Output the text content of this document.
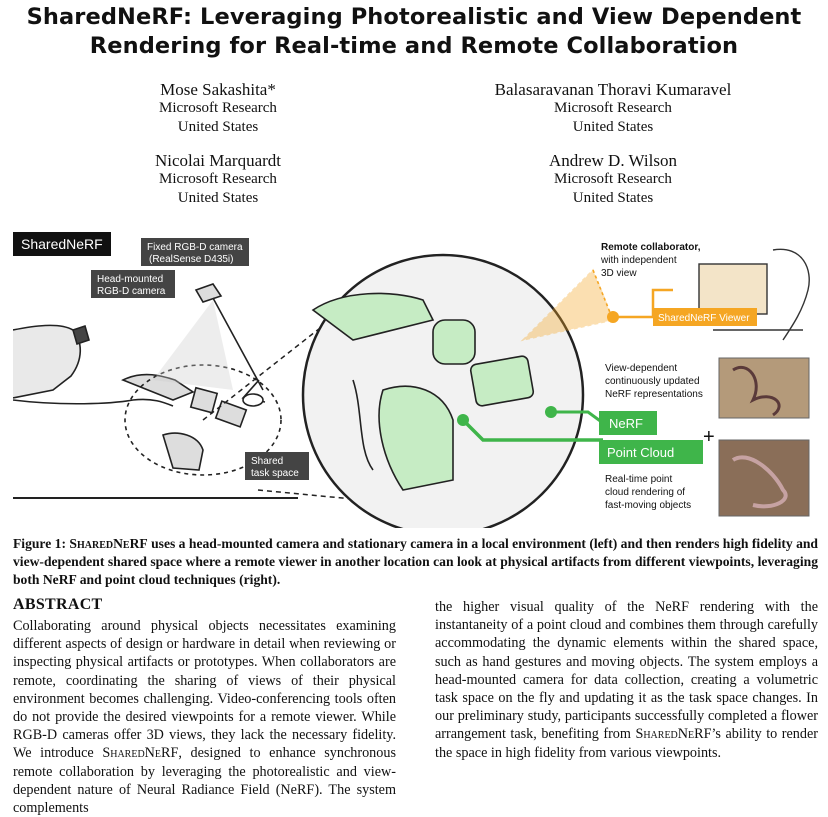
SharedNeRF: Leveraging Photorealistic and View Dependent
Rendering for Real-time and Remote Collaboration
Mose Sakashita*
Microsoft Research
United States
Balasaravanan Thoravi Kumaravel
Microsoft Research
United States
Nicolai Marquardt
Microsoft Research
United States
Andrew D. Wilson
Microsoft Research
United States
SharedNeRF	Fixed RGB-D camera
(RealSense D435i)
Head-mounted
RGB-D camera
Shared
task space
Remote collaborator,
with independent
3D view
SharedNeRF Viewer
View-dependent
continuously updated
NeRF representations
NeRF
+
Point Cloud
Real-time point
cloud rendering of
fast-moving objects
Figure 1: SharedNeRF uses a head-mounted camera and stationary camera in a local environment (left) and then renders high fidelity and view-dependent shared space where a remote viewer in another location can look at physical artifacts from different viewpoints, leveraging both NeRF and point cloud techniques (right).
ABSTRACT

Collaborating around physical objects necessitates examining different aspects of design or hardware in detail when reviewing or inspecting physical artifacts or prototypes. When collaborators are remote, coordinating the sharing of views of their physical environment becomes challenging. Video-conferencing tools often do not provide the desired viewpoints for a remote viewer. While RGB-D cameras offer 3D views, they lack the necessary fidelity. We introduce SharedNeRF, designed to enhance synchronous remote collaboration by leveraging the photorealistic and view-dependent nature of Neural Radiance Field (NeRF). The system complements

the higher visual quality of the NeRF rendering with the instantaneity of a point cloud and combines them through carefully accommodating the dynamic elements within the shared space, such as hand gestures and moving objects. The system employs a head-mounted camera for data collection, creating a volumetric task space on the fly and updating it as the task space changes. In our preliminary study, participants successfully completed a flower arrangement task, benefiting from SharedNeRF’s ability to render the space in high fidelity from various viewpoints.
